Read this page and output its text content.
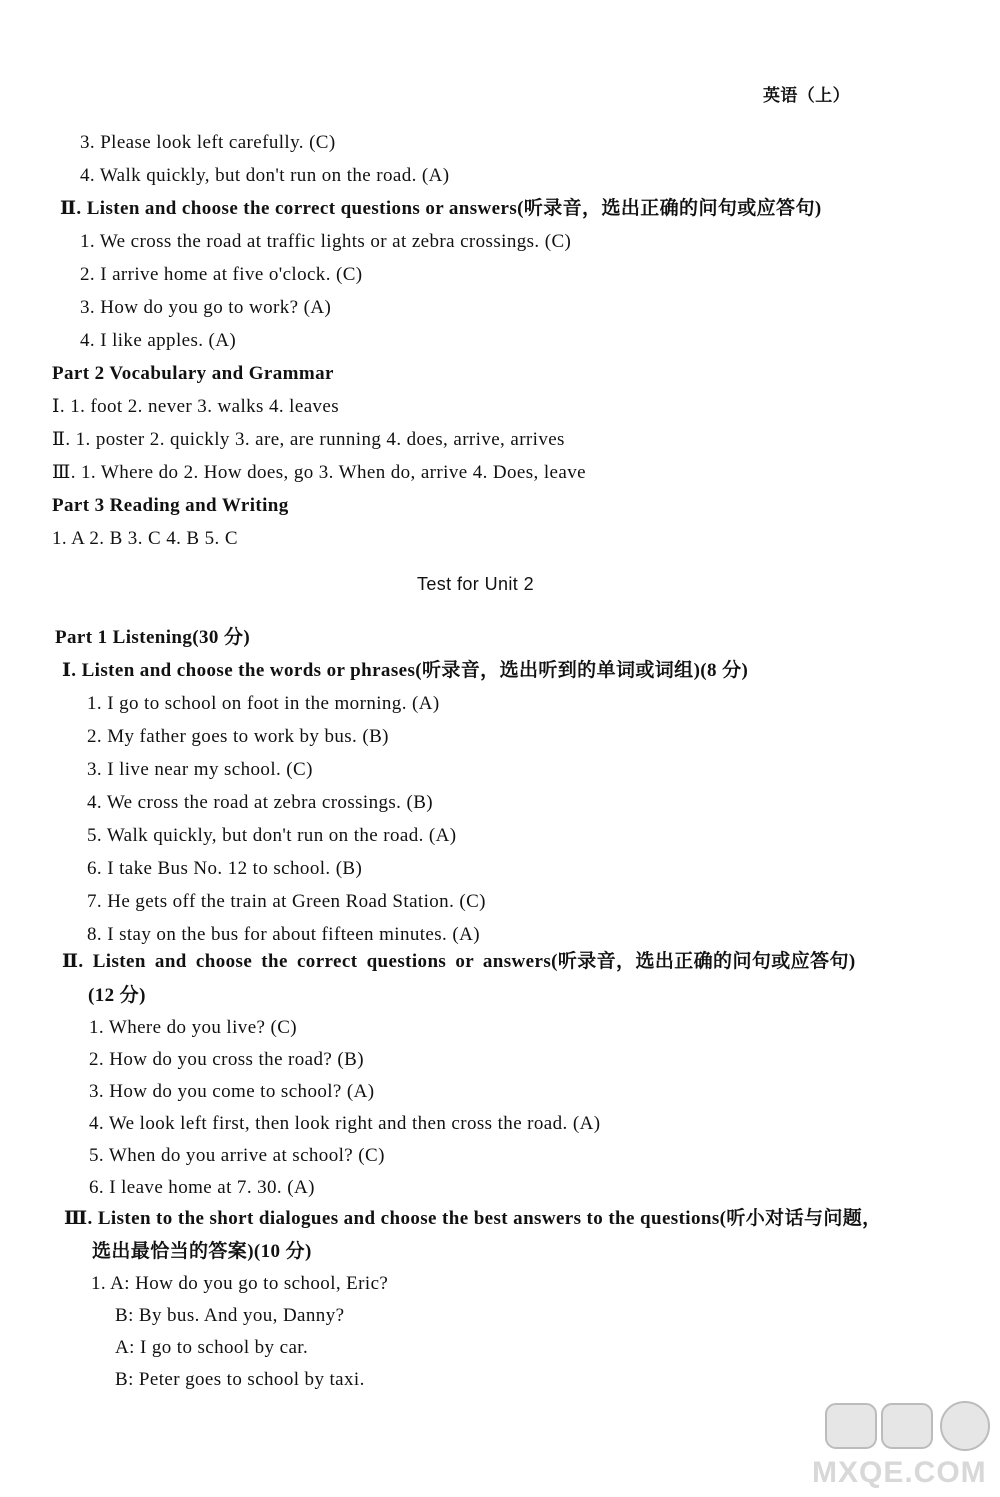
英语（上）
3. Please look left carefully. (C)
4. Walk quickly, but don't run on the road. (A)
Ⅱ. Listen and choose the correct questions or answers(听录音，选出正确的问句或应答句)
1. We cross the road at traffic lights or at zebra crossings. (C)
2. I arrive home at five o'clock. (C)
3. How do you go to work? (A)
4. I like apples. (A)
Part 2 Vocabulary and Grammar
Ⅰ. 1. foot 2. never 3. walks 4. leaves
Ⅱ. 1. poster 2. quickly 3. are, are running 4. does, arrive, arrives
Ⅲ. 1. Where do 2. How does, go 3. When do, arrive 4. Does, leave
Part 3 Reading and Writing
1. A 2. B 3. C 4. B 5. C
Test for Unit 2
Part 1 Listening(30 分)
Ⅰ. Listen and choose the words or phrases(听录音，选出听到的单词或词组)(8 分)
1. I go to school on foot in the morning. (A)
2. My father goes to work by bus. (B)
3. I live near my school. (C)
4. We cross the road at zebra crossings. (B)
5. Walk quickly, but don't run on the road. (A)
6. I take Bus No. 12 to school. (B)
7. He gets off the train at Green Road Station. (C)
8. I stay on the bus for about fifteen minutes. (A)
Ⅱ. Listen and choose the correct questions or answers(听录音，选出正确的问句或应答句)
(12 分)
1. Where do you live? (C)
2. How do you cross the road? (B)
3. How do you come to school? (A)
4. We look left first, then look right and then cross the road. (A)
5. When do you arrive at school? (C)
6. I leave home at 7. 30. (A)
Ⅲ. Listen to the short dialogues and choose the best answers to the questions(听小对话与问题，
选出最恰当的答案)(10 分)
1. A: How do you go to school, Eric?
B: By bus. And you, Danny?
A: I go to school by car.
B: Peter goes to school by taxi.
MXQE.COM
